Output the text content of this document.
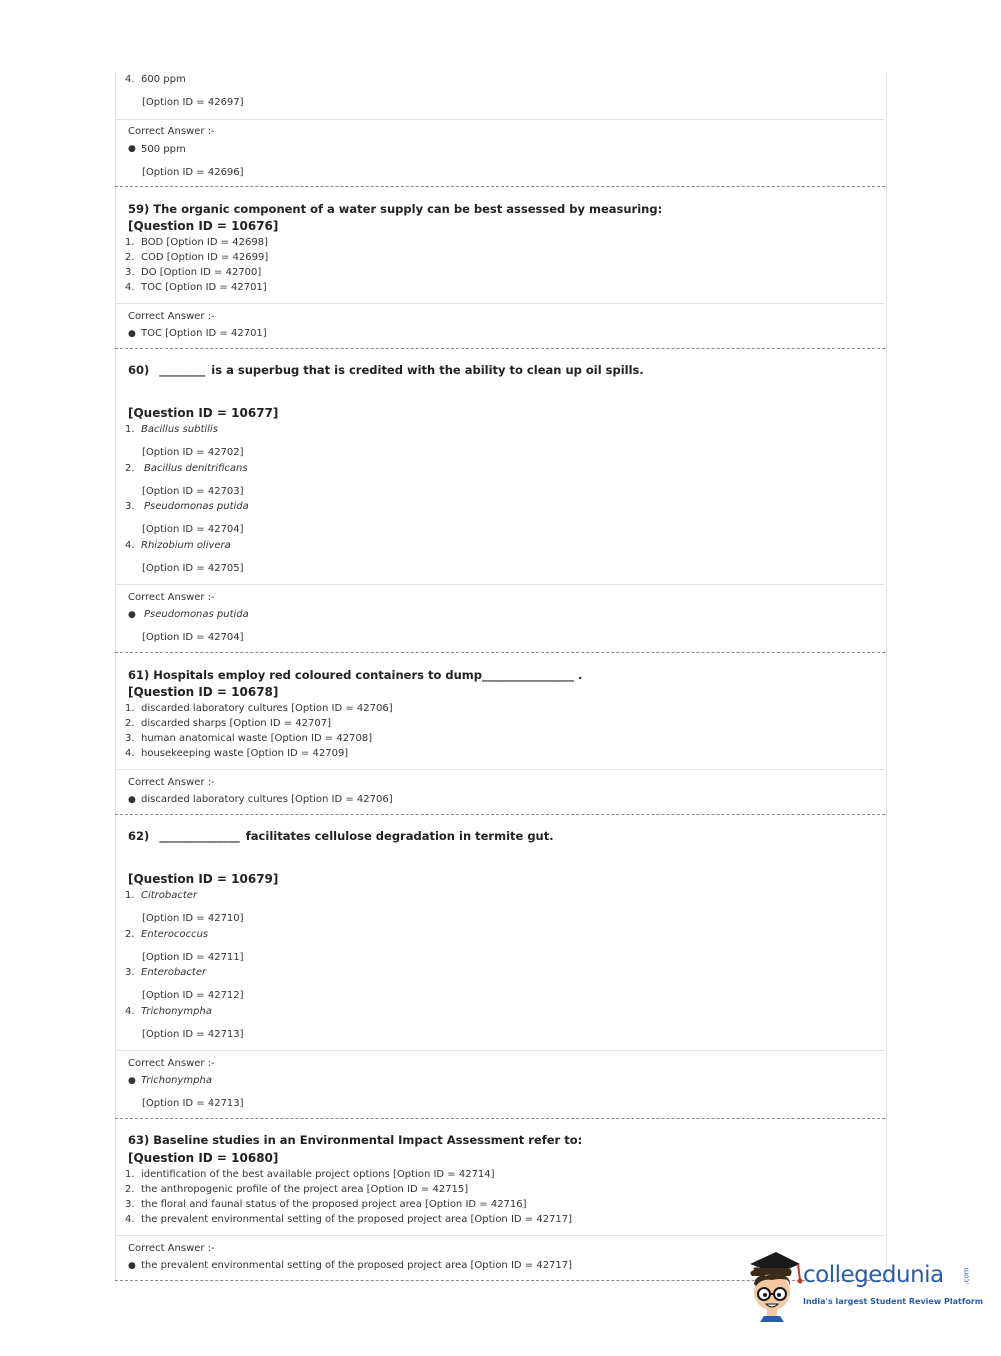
4. 600 ppm
[Option ID = 42697]
Correct Answer :-
● 500 ppm
[Option ID = 42696]
59) The organic component of a water supply can be best assessed by measuring:
[Question ID = 10676]
1. BOD [Option ID = 42698]
2. COD [Option ID = 42699]
3. DO [Option ID = 42700]
4. TOC [Option ID = 42701]
Correct Answer :-
● TOC [Option ID = 42701]
60) ________ is a superbug that is credited with the ability to clean up oil spills.
[Question ID = 10677]
1. Bacillus subtilis
[Option ID = 42702]
2. Bacillus denitrificans
[Option ID = 42703]
3. Pseudomonas putida
[Option ID = 42704]
4. Rhizobium olivera
[Option ID = 42705]
Correct Answer :-
● Pseudomonas putida
[Option ID = 42704]
61) Hospitals employ red coloured containers to dump________________ .
[Question ID = 10678]
1. discarded laboratory cultures [Option ID = 42706]
2. discarded sharps [Option ID = 42707]
3. human anatomical waste [Option ID = 42708]
4. housekeeping waste [Option ID = 42709]
Correct Answer :-
● discarded laboratory cultures [Option ID = 42706]
62) ______________ facilitates cellulose degradation in termite gut.
[Question ID = 10679]
1. Citrobacter
[Option ID = 42710]
2. Enterococcus
[Option ID = 42711]
3. Enterobacter
[Option ID = 42712]
4. Trichonympha
[Option ID = 42713]
Correct Answer :-
● Trichonympha
[Option ID = 42713]
63) Baseline studies in an Environmental Impact Assessment refer to:
[Question ID = 10680]
1. identification of the best available project options [Option ID = 42714]
2. the anthropogenic profile of the project area [Option ID = 42715]
3. the floral and faunal status of the proposed project area [Option ID = 42716]
4. the prevalent environmental setting of the proposed project area [Option ID = 42717]
Correct Answer :-
● the prevalent environmental setting of the proposed project area [Option ID = 42717]	collegedunia	.com
India's largest Student Review Platform
